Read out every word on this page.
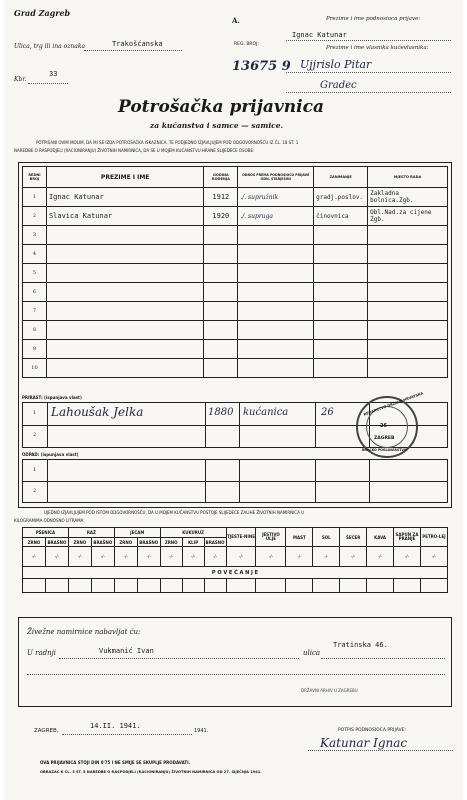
Grad Zagreb
Ulica, trg ili ina oznaka	Trakošćanska
Kbr.
33
A.
REG. BROJ:
13675 9
Prezime i ime podnosioca prijave:
Ignac Katunar
Prezime i ime vlasnika kućevlasnika:
Ujjrislo Pitar
Gradec
Potrošačka prijavnica
za kućanstva i samce — samice.
POTPISANI OVIM MOLIM, DA MI SE IZDA POTROŠAČKA ISKAZNICA, TE PODJEDNO IZJAVLJUJEM POD ODGOVORNOŠĆU IZ ČL. 18 ST. 1
NAREDBE O RASPODJELI (RACIONIRANJU) ŽIVOTNIH NAMIRNICA, DA SE U MOJEM KUĆANSTVU HRANE SLIJEDEĆE OSOBE:
REDNI BROJ	PREZIME I IME	GODINA RODENJA	ODNOS PREMA PODNOSIOCU PRIJAVE ODN. STARJEŠINI	ZANIMANJE	MJESTO RADA
1	Ignac Katunar	1912	./. supružnik	gradj.poslov.	Zakladna bolnica.Zgb.
2	Slavica Katunar	1920	./. supruga	činovnica	Obl.Nad.za cijene Zgb.
3					
4					
5					
6					
7					
8					
9					
10					
PRIRAST: (ispunjava vlast)
1 Lahoušak Jelka	1880 kućanica	26
2
REDARSTVO DRŽAVA HRVATSKA
26
ZAGREB
BRAĆKO POGLAVARSTVO
ODPAD: (ispunjava vlast)
1
2
UJEDNO IZJAVLJUJEM POD ISTOM ODGOVORNOŠĆU, DA U MOJEM KUĆANSTVU POSTOJE SLIJEDEĆE ZALIHE ŽIVOTNIH NAMIRNICA U
KILOGRAMIMA ODNOSNO LITRAMA:
PŠENICA		RAŽ		JEČAM		KUKURUZ			TJESTE-NINE	JESTIVO ULJE	MAST	SOL	ŠEĆER	KAVA	SAPUN ZA PRANJE	PETRO-LEJ
ZRNO	BRAŠNO	ZRNO	BRAŠNO	ZRNO	BRAŠNO	ZRNO	KLIP	BRAŠNO								
-/-	-/-	-/-	-/-	-/-	-/-	-/-	-/-	-/-	-/-	-/-	-/-	-/-	-/-	-/-	-/-	-/-
P O V E Ć A N J E																

Živežne namirnice nabavljat ću:
U radnji	Vukmanić Ivan	ulica
Tratinska 46.
DRŽAVNI ARHIV U ZAGREBU
ZAGREB,
14.II. 1941.
1941.	POTPIS PODNOSIOCA PRIJAVE:
Katunar Ignac
OVA PRIJAVNICA STOJI DIN 0'75 I NE SMIJE SE SKUPLJE PRODAVATI.
OBRAZAC K ČL. 3 ST. 5 NAREDBE O RASPODJELI (RACIONIRANJU) ŽIVOTNIH NAMIRNICA OD 27. SIJEČNJA 1941.
